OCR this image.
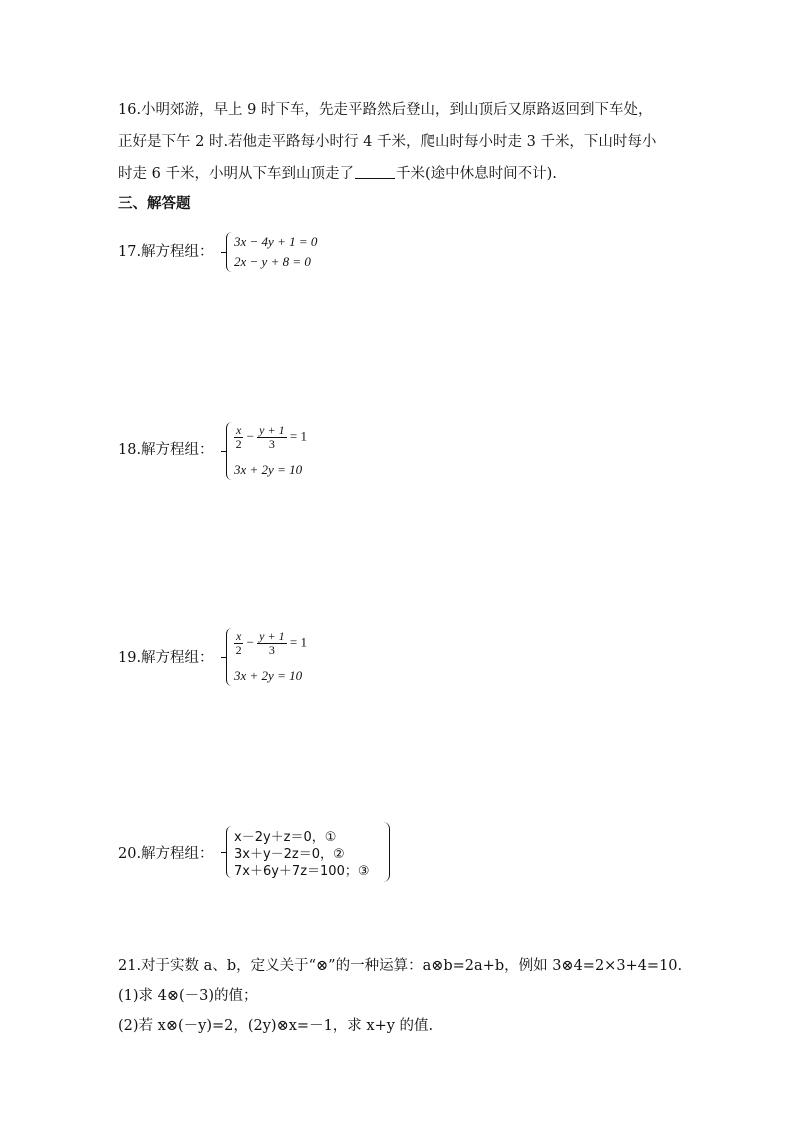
16.小明郊游，早上 9 时下车，先走平路然后登山，到山顶后又原路返回到下车处，
正好是下午 2 时.若他走平路每小时行 4 千米，爬山时每小时走 3 千米，下山时每小
时走 6 千米，小明从下车到山顶走了	千米(途中休息时间不计).
三、解答题
17.解方程组：
3x − 4y + 1 = 0
2x − y + 8 = 0
18.解方程组： $\frac{x}{2} - \frac{y + 1}{3} = 1$
3x + 2y = 10
19.解方程组：
$\frac{x}{2} - \frac{y + 1}{3} = 1$
3x + 2y = 10
20.解方程组：
x－2y＋z＝0，①
3x＋y－2z＝0，②
7x＋6y＋7z＝100；③
21.对于实数 a、b，定义关于“⊗”的一种运算：a⊗b=2a+b，例如 3⊗4=2×3+4=10.
(1)求 4⊗(－3)的值；
(2)若 x⊗(－y)=2，(2y)⊗x=－1，求 x+y 的值.
